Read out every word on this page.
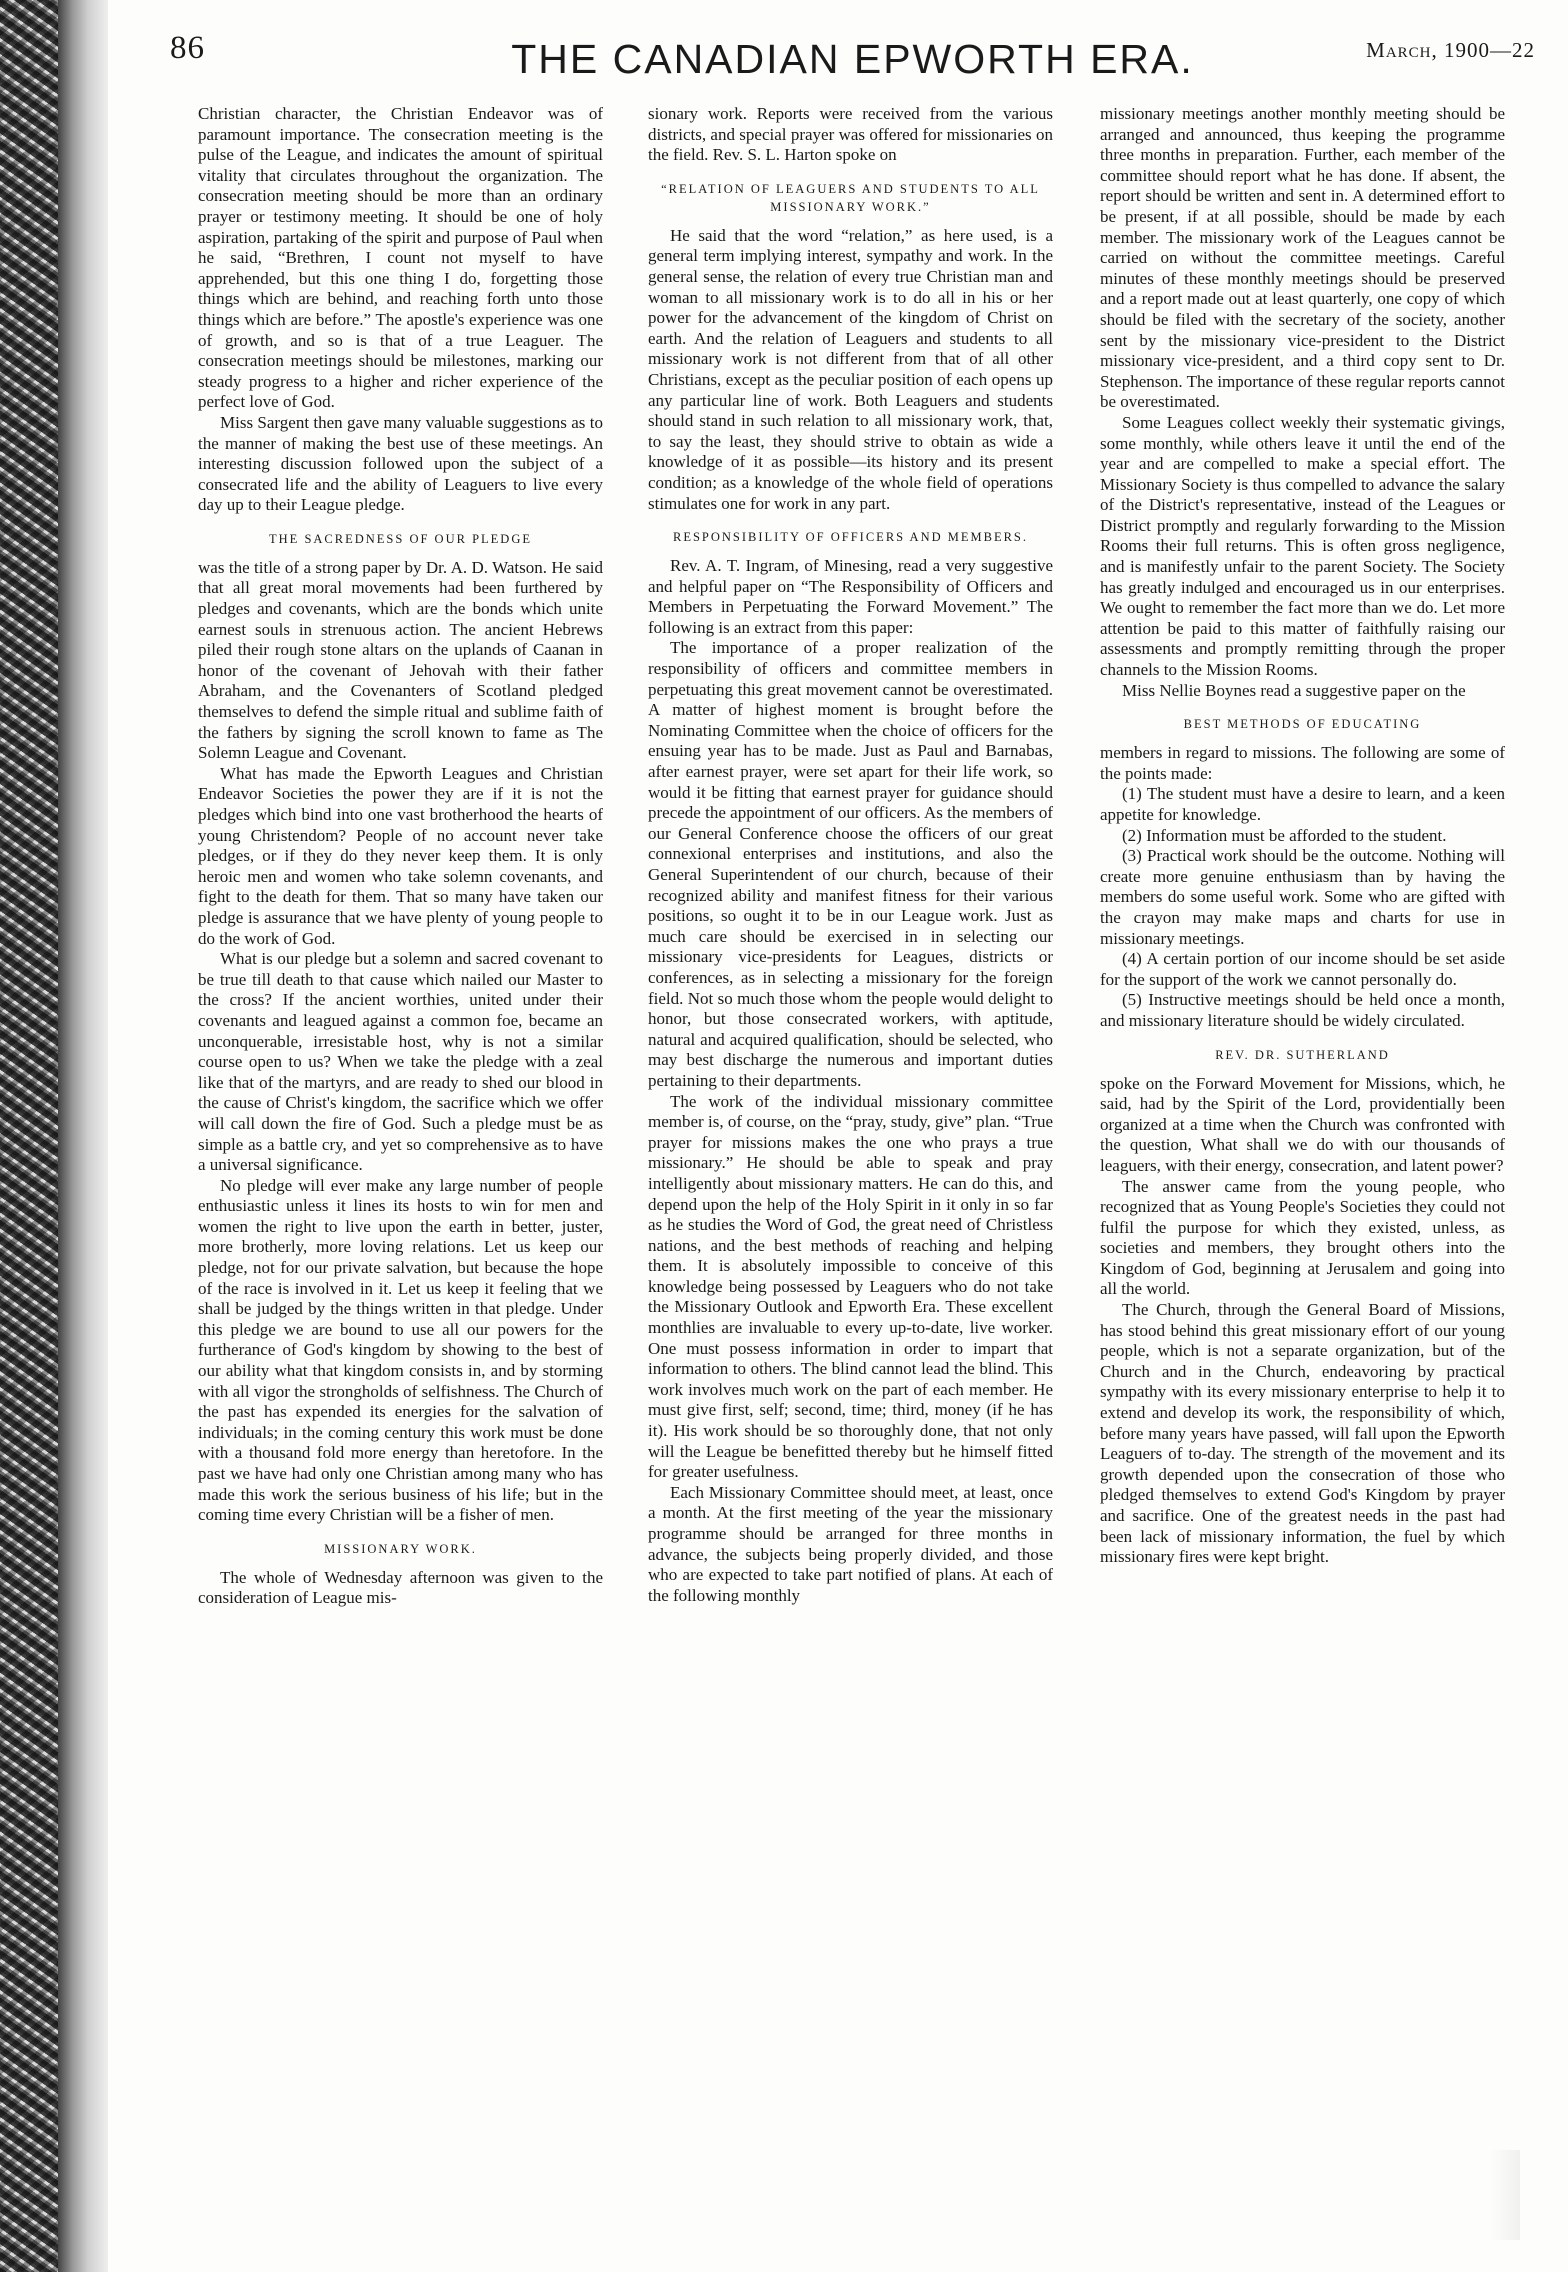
86	THE CANADIAN EPWORTH ERA.	March, 1900—22

Christian character, the Christian Endeavor was of paramount importance. The consecration meeting is the pulse of the League, and indicates the amount of spiritual vitality that circulates throughout the organization. The consecration meeting should be more than an ordinary prayer or testimony meeting. It should be one of holy aspiration, partaking of the spirit and purpose of Paul when he said, “Brethren, I count not myself to have apprehended, but this one thing I do, forgetting those things which are behind, and reaching forth unto those things which are before.” The apostle's experience was one of growth, and so is that of a true Leaguer. The consecration meetings should be milestones, marking our steady progress to a higher and richer experience of the perfect love of God.

Miss Sargent then gave many valuable suggestions as to the manner of making the best use of these meetings. An interesting discussion followed upon the subject of a consecrated life and the ability of Leaguers to live every day up to their League pledge.

THE SACREDNESS OF OUR PLEDGE

was the title of a strong paper by Dr. A. D. Watson. He said that all great moral movements had been furthered by pledges and covenants, which are the bonds which unite earnest souls in strenuous action. The ancient Hebrews piled their rough stone altars on the uplands of Caanan in honor of the covenant of Jehovah with their father Abraham, and the Covenanters of Scotland pledged themselves to defend the simple ritual and sublime faith of the fathers by signing the scroll known to fame as The Solemn League and Covenant.

What has made the Epworth Leagues and Christian Endeavor Societies the power they are if it is not the pledges which bind into one vast brotherhood the hearts of young Christendom? People of no account never take pledges, or if they do they never keep them. It is only heroic men and women who take solemn covenants, and fight to the death for them. That so many have taken our pledge is assurance that we have plenty of young people to do the work of God.

What is our pledge but a solemn and sacred covenant to be true till death to that cause which nailed our Master to the cross? If the ancient worthies, united under their covenants and leagued against a common foe, became an unconquerable, irresistable host, why is not a similar course open to us? When we take the pledge with a zeal like that of the martyrs, and are ready to shed our blood in the cause of Christ's kingdom, the sacrifice which we offer will call down the fire of God. Such a pledge must be as simple as a battle cry, and yet so comprehensive as to have a universal significance.

No pledge will ever make any large number of people enthusiastic unless it lines its hosts to win for men and women the right to live upon the earth in better, juster, more brotherly, more loving relations. Let us keep our pledge, not for our private salvation, but because the hope of the race is involved in it. Let us keep it feeling that we shall be judged by the things written in that pledge. Under this pledge we are bound to use all our powers for the furtherance of God's kingdom by showing to the best of our ability what that kingdom consists in, and by storming with all vigor the strongholds of selfishness. The Church of the past has expended its energies for the salvation of individuals; in the coming century this work must be done with a thousand fold more energy than heretofore. In the past we have had only one Christian among many who has made this work the serious business of his life; but in the coming time every Christian will be a fisher of men.

MISSIONARY WORK.

The whole of Wednesday afternoon was given to the consideration of League mis-

sionary work. Reports were received from the various districts, and special prayer was offered for missionaries on the field. Rev. S. L. Harton spoke on

“RELATION OF LEAGUERS AND STUDENTS TO ALL MISSIONARY WORK.”

He said that the word “relation,” as here used, is a general term implying interest, sympathy and work. In the general sense, the relation of every true Christian man and woman to all missionary work is to do all in his or her power for the advancement of the kingdom of Christ on earth. And the relation of Leaguers and students to all missionary work is not different from that of all other Christians, except as the peculiar position of each opens up any particular line of work. Both Leaguers and students should stand in such relation to all missionary work, that, to say the least, they should strive to obtain as wide a knowledge of it as possible—its history and its present condition; as a knowledge of the whole field of operations stimulates one for work in any part.

RESPONSIBILITY OF OFFICERS AND MEMBERS.

Rev. A. T. Ingram, of Minesing, read a very suggestive and helpful paper on “The Responsibility of Officers and Members in Perpetuating the Forward Movement.” The following is an extract from this paper:

The importance of a proper realization of the responsibility of officers and committee members in perpetuating this great movement cannot be overestimated. A matter of highest moment is brought before the Nominating Committee when the choice of officers for the ensuing year has to be made. Just as Paul and Barnabas, after earnest prayer, were set apart for their life work, so would it be fitting that earnest prayer for guidance should precede the appointment of our officers. As the members of our General Conference choose the officers of our great connexional enterprises and institutions, and also the General Superintendent of our church, because of their recognized ability and manifest fitness for their various positions, so ought it to be in our League work. Just as much care should be exercised in in selecting our missionary vice-presidents for Leagues, districts or conferences, as in selecting a missionary for the foreign field. Not so much those whom the people would delight to honor, but those consecrated workers, with aptitude, natural and acquired qualification, should be selected, who may best discharge the numerous and important duties pertaining to their departments.

The work of the individual missionary committee member is, of course, on the “pray, study, give” plan. “True prayer for missions makes the one who prays a true missionary.” He should be able to speak and pray intelligently about missionary matters. He can do this, and depend upon the help of the Holy Spirit in it only in so far as he studies the Word of God, the great need of Christless nations, and the best methods of reaching and helping them. It is absolutely impossible to conceive of this knowledge being possessed by Leaguers who do not take the Missionary Outlook and Epworth Era. These excellent monthlies are invaluable to every up-to-date, live worker. One must possess information in order to impart that information to others. The blind cannot lead the blind. This work involves much work on the part of each member. He must give first, self; second, time; third, money (if he has it). His work should be so thoroughly done, that not only will the League be benefitted thereby but he himself fitted for greater usefulness.

Each Missionary Committee should meet, at least, once a month. At the first meeting of the year the missionary programme should be arranged for three months in advance, the subjects being properly divided, and those who are expected to take part notified of plans. At each of the following monthly

missionary meetings another monthly meeting should be arranged and announced, thus keeping the programme three months in preparation. Further, each member of the committee should report what he has done. If absent, the report should be written and sent in. A determined effort to be present, if at all possible, should be made by each member. The missionary work of the Leagues cannot be carried on without the committee meetings. Careful minutes of these monthly meetings should be preserved and a report made out at least quarterly, one copy of which should be filed with the secretary of the society, another sent by the missionary vice-president to the District missionary vice-president, and a third copy sent to Dr. Stephenson. The importance of these regular reports cannot be overestimated.

Some Leagues collect weekly their systematic givings, some monthly, while others leave it until the end of the year and are compelled to make a special effort. The Missionary Society is thus compelled to advance the salary of the District's representative, instead of the Leagues or District promptly and regularly forwarding to the Mission Rooms their full returns. This is often gross negligence, and is manifestly unfair to the parent Society. The Society has greatly indulged and encouraged us in our enterprises. We ought to remember the fact more than we do. Let more attention be paid to this matter of faithfully raising our assessments and promptly remitting through the proper channels to the Mission Rooms.

Miss Nellie Boynes read a suggestive paper on the

BEST METHODS OF EDUCATING

members in regard to missions. The following are some of the points made:

(1) The student must have a desire to learn, and a keen appetite for knowledge.

(2) Information must be afforded to the student.

(3) Practical work should be the outcome. Nothing will create more genuine enthusiasm than by having the members do some useful work. Some who are gifted with the crayon may make maps and charts for use in missionary meetings.

(4) A certain portion of our income should be set aside for the support of the work we cannot personally do.

(5) Instructive meetings should be held once a month, and missionary literature should be widely circulated.

REV. DR. SUTHERLAND

spoke on the Forward Movement for Missions, which, he said, had by the Spirit of the Lord, providentially been organized at a time when the Church was confronted with the question, What shall we do with our thousands of leaguers, with their energy, consecration, and latent power?

The answer came from the young people, who recognized that as Young People's Societies they could not fulfil the purpose for which they existed, unless, as societies and members, they brought others into the Kingdom of God, beginning at Jerusalem and going into all the world.

The Church, through the General Board of Missions, has stood behind this great missionary effort of our young people, which is not a separate organization, but of the Church and in the Church, endeavoring by practical sympathy with its every missionary enterprise to help it to extend and develop its work, the responsibility of which, before many years have passed, will fall upon the Epworth Leaguers of to-day. The strength of the movement and its growth depended upon the consecration of those who pledged themselves to extend God's Kingdom by prayer and sacrifice. One of the greatest needs in the past had been lack of missionary information, the fuel by which missionary fires were kept bright.
